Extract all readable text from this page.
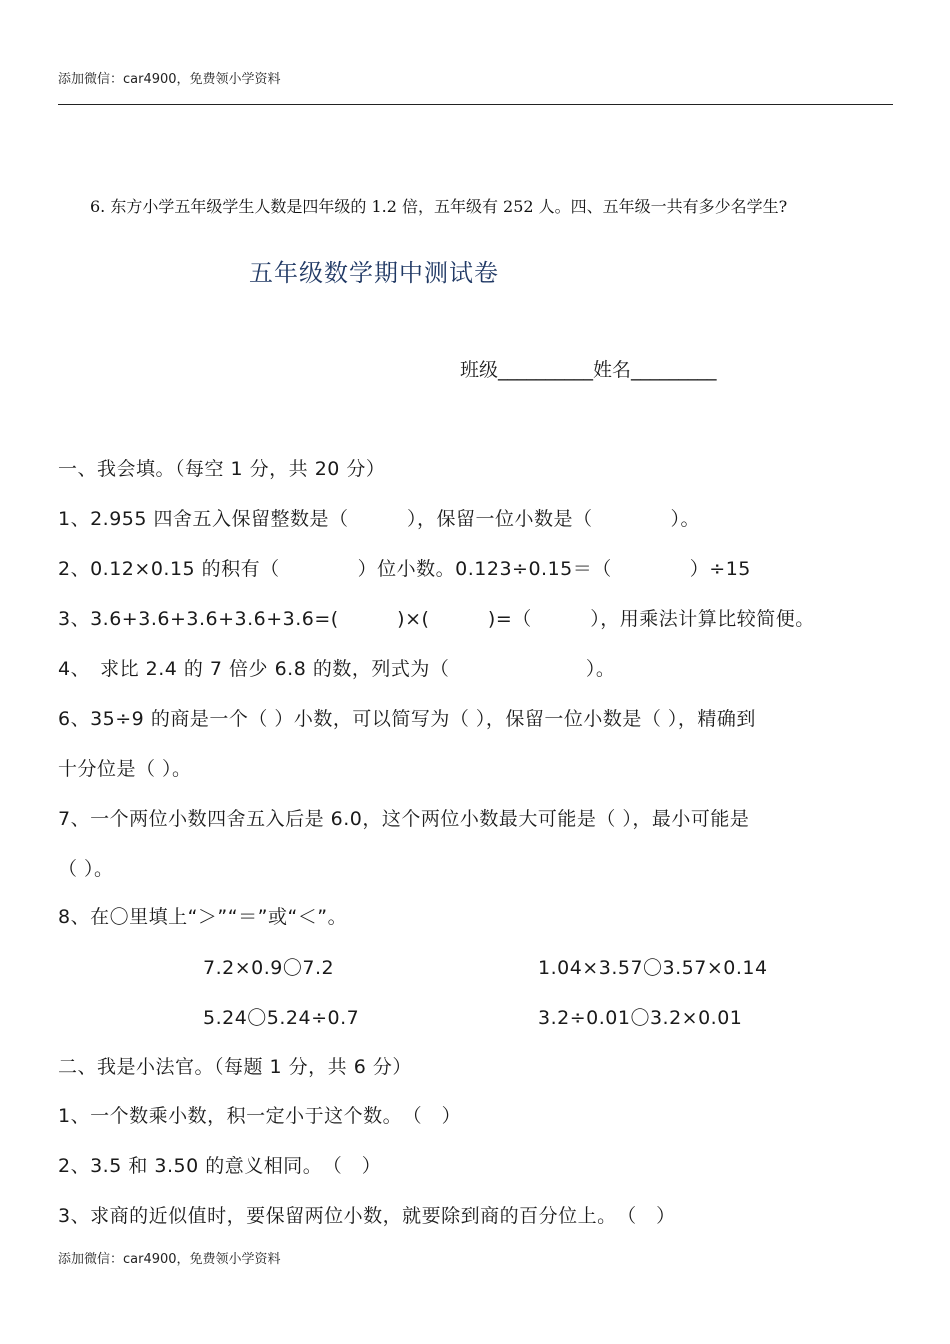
添加微信：car4900，免费领小学资料
6. 东方小学五年级学生人数是四年级的 1.2 倍，五年级有 252 人。四、五年级一共有多少名学生?
五年级数学期中测试卷
班级__________姓名_________
一、我会填。（每空 1 分，共 20 分）
1、2.955 四舍五入保留整数是（　　　），保留一位小数是（　　　　）。
2、0.12×0.15 的积有（　　　　）位小数。0.123÷0.15＝（　　　　）÷15
3、3.6+3.6+3.6+3.6+3.6=(　　　)×(　　　)=（　　　），用乘法计算比较简便。
4、　求比 2.4 的 7 倍少 6.8 的数，列式为（　　　　　　　）。
6、35÷9 的商是一个（ ）小数，可以简写为（ ），保留一位小数是（ ），精确到
十分位是（ ）。
7、一个两位小数四舍五入后是 6.0，这个两位小数最大可能是（ ），最小可能是
（ ）。
8、在〇里填上“＞”“＝”或“＜”。
7.2×0.9〇7.2	1.04×3.57〇3.57×0.14
5.24〇5.24÷0.7	3.2÷0.01〇3.2×0.01
二、我是小法官。（每题 1 分，共 6 分）
1、一个数乘小数，积一定小于这个数。　（　）
2、3.5 和 3.50 的意义相同。　（　）
3、求商的近似值时，要保留两位小数，就要除到商的百分位上。　（　）
添加微信：car4900，免费领小学资料
